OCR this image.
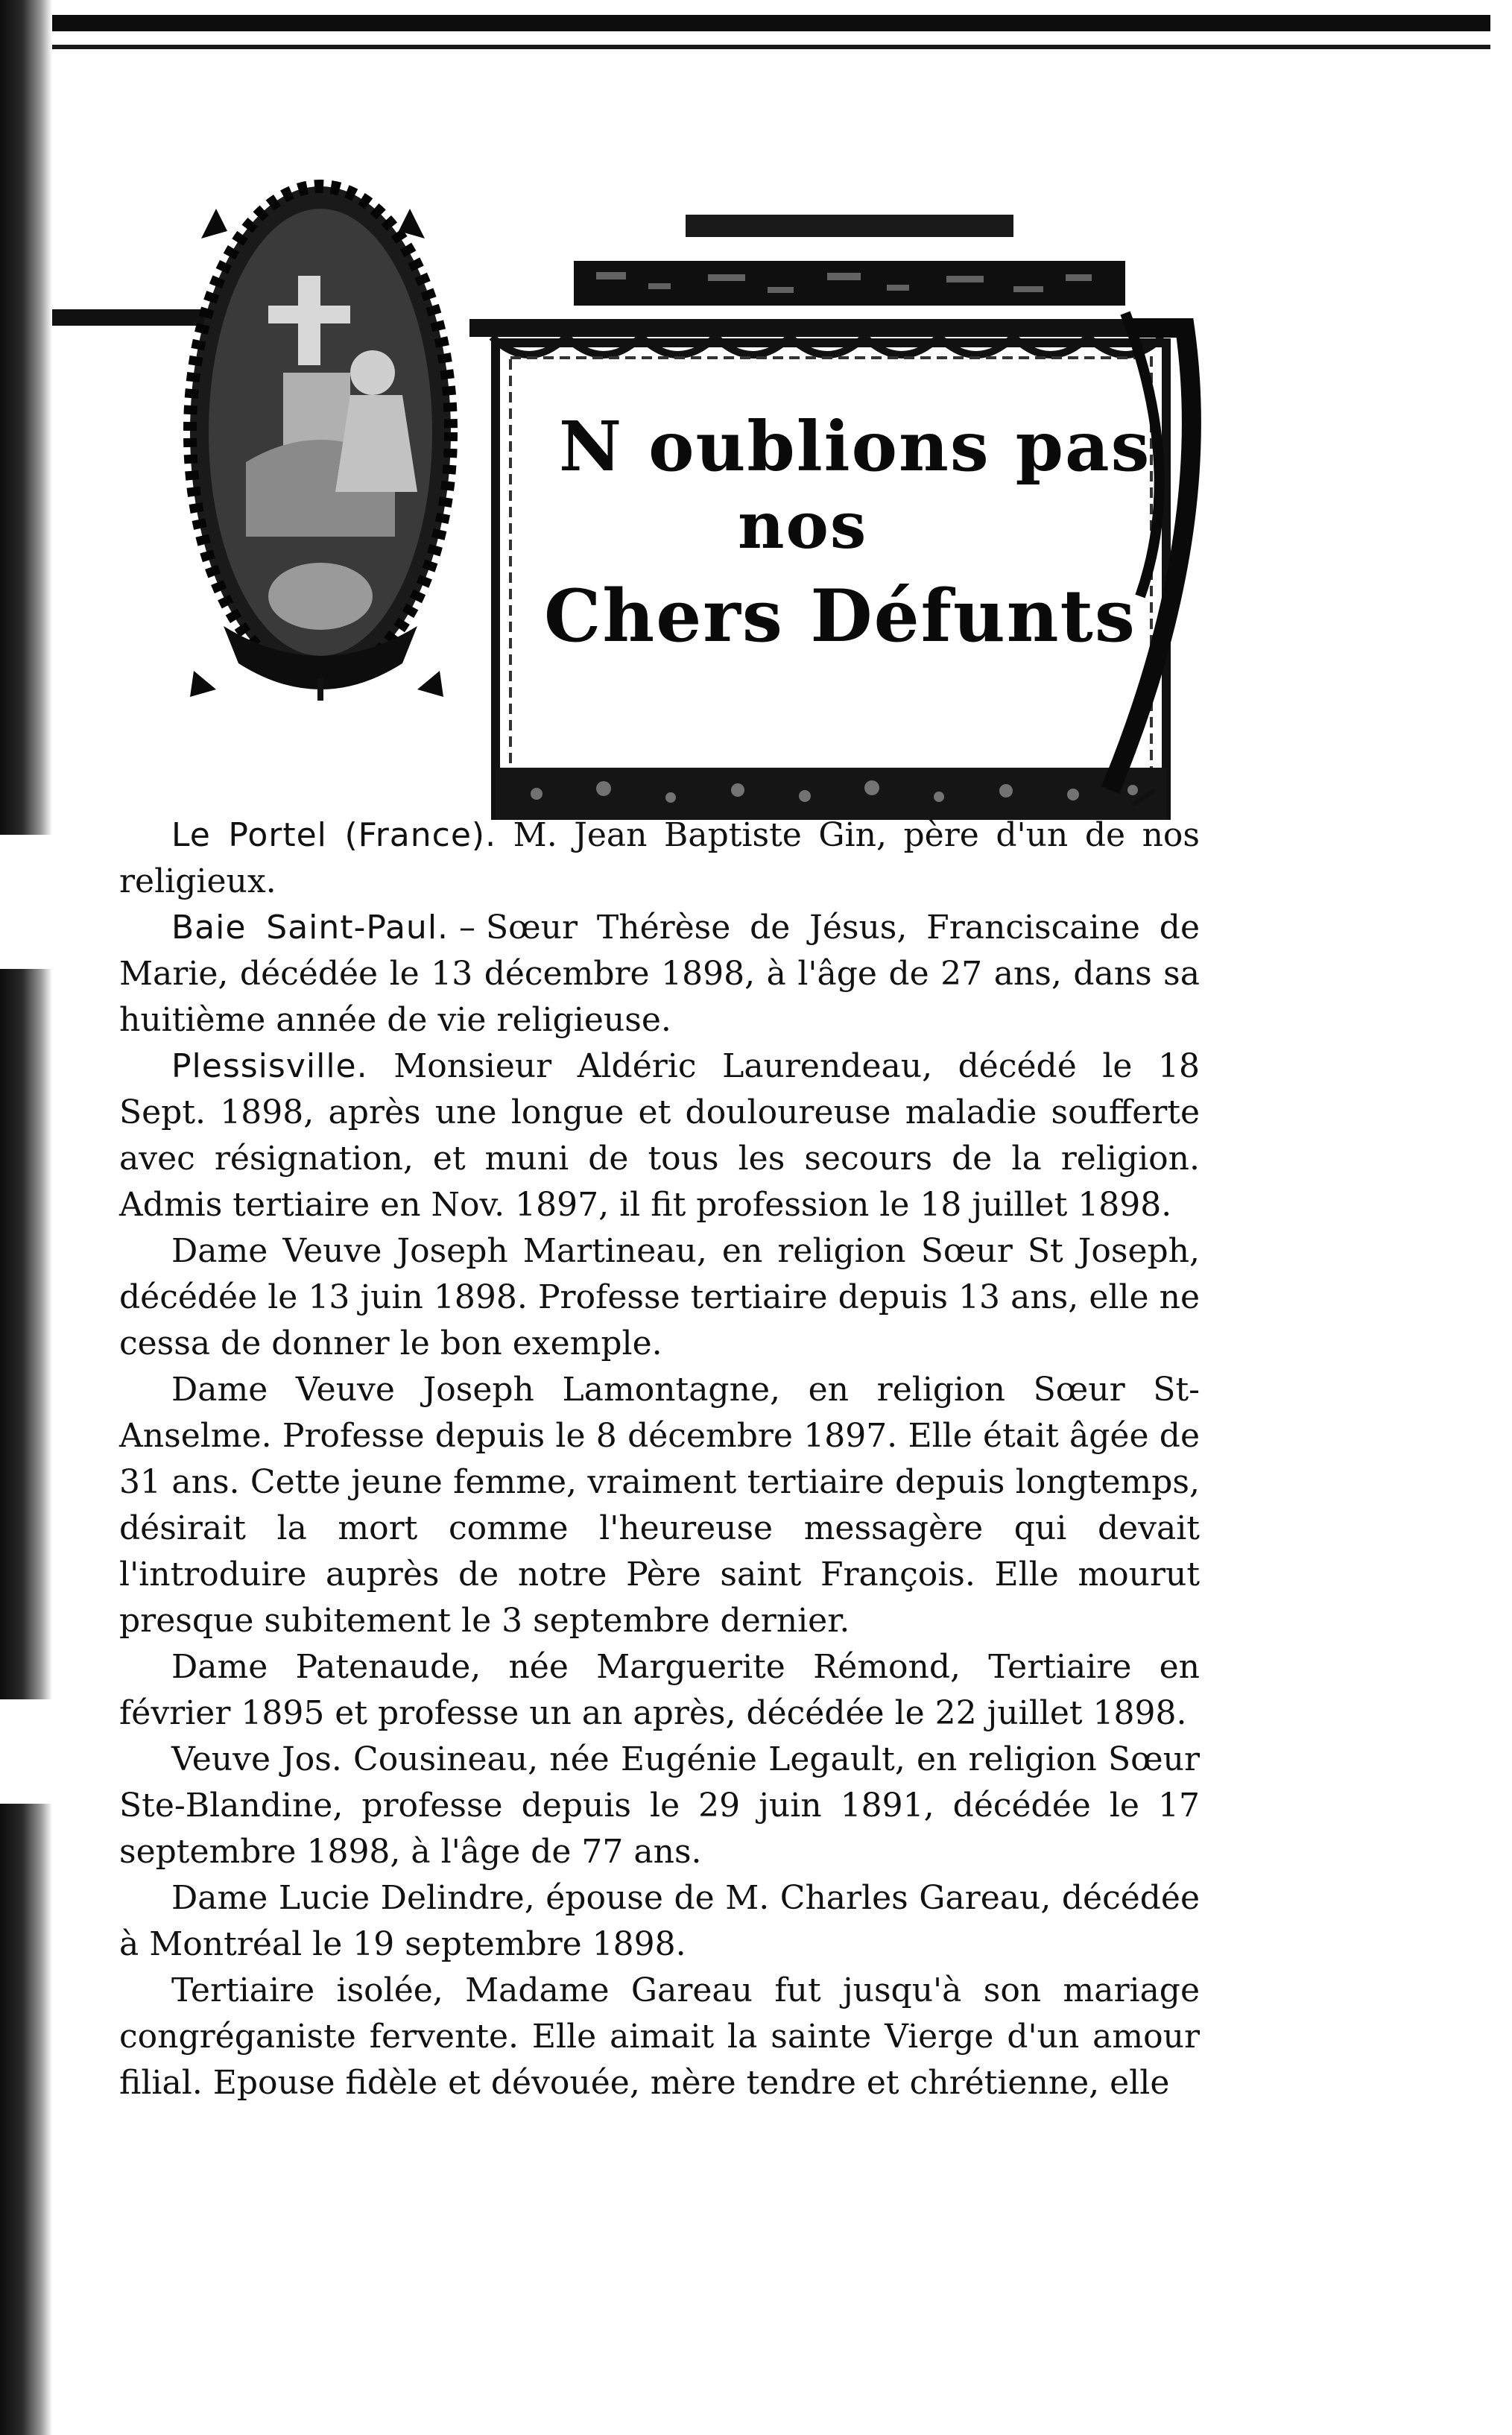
N oublions pas
nos
Chers Défunts

Le Portel (France). M. Jean Baptiste Gin, père d'un de nos religieux.

Baie Saint-Paul. – Sœur Thérèse de Jésus, Franciscaine de Marie, décédée le 13 décembre 1898, à l'âge de 27 ans, dans sa huitième année de vie religieuse.

Plessisville. Monsieur Aldéric Laurendeau, décédé le 18 Sept. 1898, après une longue et douloureuse maladie soufferte avec résignation, et muni de tous les secours de la religion. Admis tertiaire en Nov. 1897, il fit profession le 18 juillet 1898.

Dame Veuve Joseph Martineau, en religion Sœur St Joseph, décédée le 13 juin 1898. Professe tertiaire depuis 13 ans, elle ne cessa de donner le bon exemple.

Dame Veuve Joseph Lamontagne, en religion Sœur St-Anselme. Professe depuis le 8 décembre 1897. Elle était âgée de 31 ans. Cette jeune femme, vraiment tertiaire depuis longtemps, désirait la mort comme l'heureuse messagère qui devait l'introduire auprès de notre Père saint François. Elle mourut presque subitement le 3 septembre dernier.

Dame Patenaude, née Marguerite Rémond, Tertiaire en février 1895 et professe un an après, décédée le 22 juillet 1898.

Veuve Jos. Cousineau, née Eugénie Legault, en religion Sœur Ste-Blandine, professe depuis le 29 juin 1891, décédée le 17 septembre 1898, à l'âge de 77 ans.

Dame Lucie Delindre, épouse de M. Charles Gareau, décédée à Montréal le 19 septembre 1898.

Tertiaire isolée, Madame Gareau fut jusqu'à son mariage congréganiste fervente. Elle aimait la sainte Vierge d'un amour filial. Epouse fidèle et dévouée, mère tendre et chrétienne, elle
